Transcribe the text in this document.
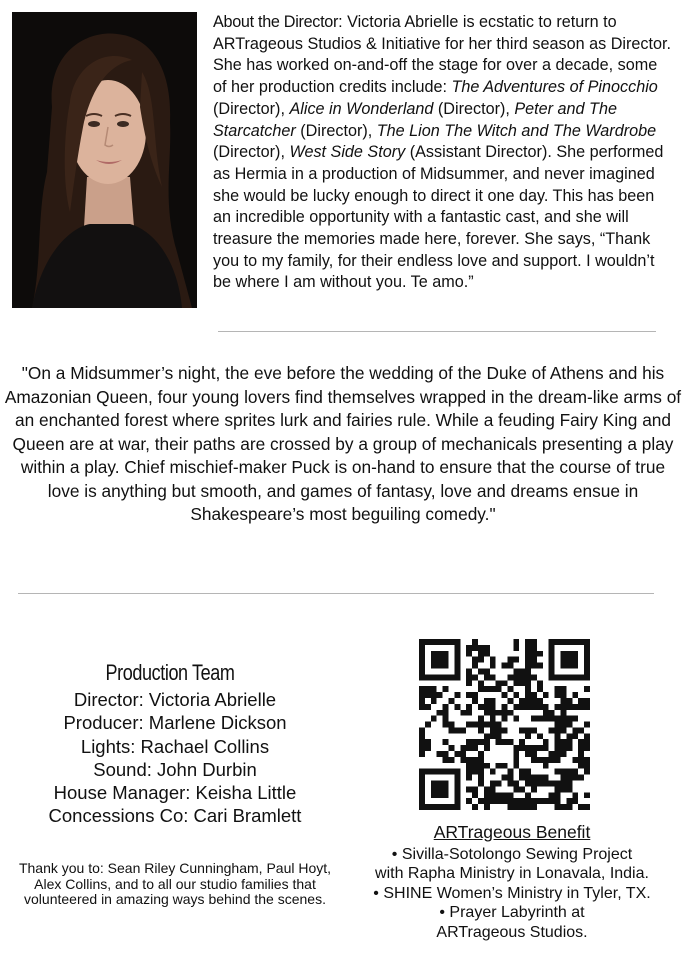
About the Director: Victoria Abrielle is ecstatic to return to ARTrageous Studios & Initiative for her third season as Director. She has worked on-and-off the stage for over a decade, some of her production credits include: The Adventures of Pinocchio (Director), Alice in Wonderland (Director), Peter and The Starcatcher (Director), The Lion The Witch and The Wardrobe (Director), West Side Story (Assistant Director). She performed as Hermia in a production of Midsummer, and never imagined she would be lucky enough to direct it one day. This has been an incredible opportunity with a fantastic cast, and she will treasure the memories made here, forever. She says, “Thank you to my family, for their endless love and support. I wouldn’t be where I am without you. Te amo.”
"On a Midsummer’s night, the eve before the wedding of the Duke of Athens and his Amazonian Queen, four young lovers find themselves wrapped in the dream-like arms of an enchanted forest where sprites lurk and fairies rule. While a feuding Fairy King and Queen are at war, their paths are crossed by a group of mechanicals presenting a play within a play. Chief mischief-maker Puck is on-hand to ensure that the course of true love is anything but smooth, and games of fantasy, love and dreams ensue in Shakespeare’s most beguiling comedy."
Production Team
Director: Victoria Abrielle
Producer: Marlene Dickson
Lights: Rachael Collins
Sound: John Durbin
House Manager: Keisha Little
Concessions Co: Cari Bramlett
Thank you to: Sean Riley Cunningham, Paul Hoyt, Alex Collins, and to all our studio families that volunteered in amazing ways behind the scenes.
ARTrageous Benefit
• Sivilla-Sotolongo Sewing Project
with Rapha Ministry in Lonavala, India.
• SHINE Women’s Ministry in Tyler, TX.
• Prayer Labyrinth at
ARTrageous Studios.
